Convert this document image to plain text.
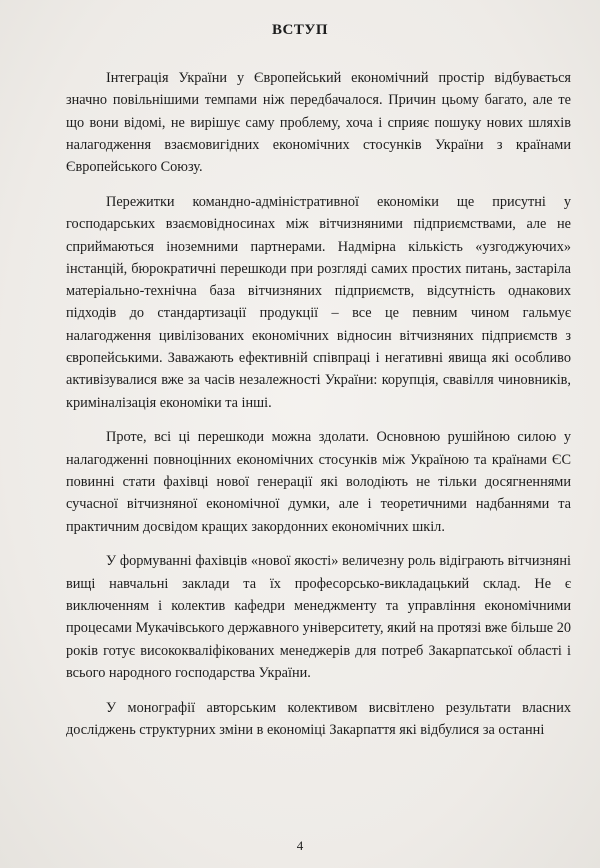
ВСТУП

Інтеграція України у Європейський економічний простір відбувається значно повільнішими темпами ніж передбачалося. Причин цьому багато, але те що вони відомі, не вирішує саму проблему, хоча і сприяє пошуку нових шляхів налагодження взаємовигідних економічних стосунків України з країнами Європейського Союзу.

Пережитки командно-адміністративної економіки ще присутні у господарських взаємовідносинах між вітчизняними підприємствами, але не сприймаються іноземними партнерами. Надмірна кількість «узгоджуючих» інстанцій, бюрократичні перешкоди при розгляді самих простих питань, застаріла матеріально-технічна база вітчизняних підприємств, відсутність однакових підходів до стандартизації продукції – все це певним чином гальмує налагодження цивілізованих економічних відносин вітчизняних підприємств з європейськими. Заважають ефективній співпраці і негативні явища які особливо активізувалися вже за часів незалежності України: корупція, свавілля чиновників, криміналізація економіки та інші.

Проте, всі ці перешкоди можна здолати. Основною рушійною силою у налагодженні повноцінних економічних стосунків між Україною та країнами ЄС повинні стати фахівці нової генерації які володіють не тільки досягненнями сучасної вітчизняної економічної думки, але і теоретичними надбаннями та практичним досвідом кращих закордонних економічних шкіл.

У формуванні фахівців «нової якості» величезну роль відіграють вітчизняні вищі навчальні заклади та їх професорсько-викладацький склад. Не є виключенням і колектив кафедри менеджменту та управління економічними процесами Мукачівського державного університету, який на протязі вже більше 20 років готує висококваліфікованих менеджерів для потреб Закарпатської області і всього народного господарства України.

У монографії авторським колективом висвітлено результати власних досліджень структурних зміни в економіці Закарпаття які відбулися за останні

4
